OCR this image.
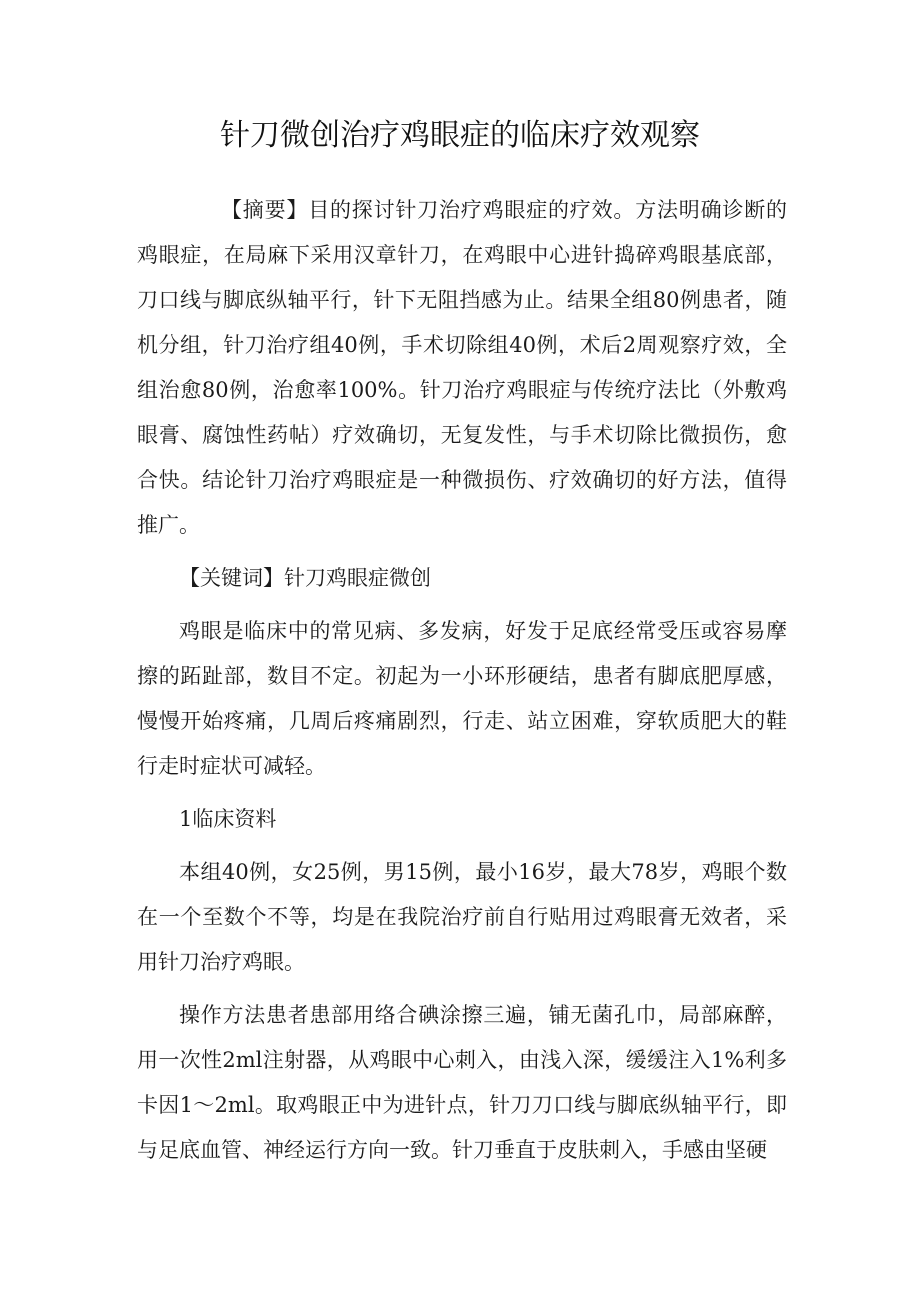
针刀微创治疗鸡眼症的临床疗效观察

【摘要】目的探讨针刀治疗鸡眼症的疗效。方法明确诊断的鸡眼症，在局麻下采用汉章针刀，在鸡眼中心进针捣碎鸡眼基底部，刀口线与脚底纵轴平行，针下无阻挡感为止。结果全组80例患者，随机分组，针刀治疗组40例，手术切除组40例，术后2周观察疗效，全组治愈80例，治愈率100%。针刀治疗鸡眼症与传统疗法比（外敷鸡眼膏、腐蚀性药帖）疗效确切，无复发性，与手术切除比微损伤，愈合快。结论针刀治疗鸡眼症是一种微损伤、疗效确切的好方法，值得推广。

【关键词】针刀鸡眼症微创

鸡眼是临床中的常见病、多发病，好发于足底经常受压或容易摩擦的跖趾部，数目不定。初起为一小环形硬结，患者有脚底肥厚感，慢慢开始疼痛，几周后疼痛剧烈，行走、站立困难，穿软质肥大的鞋行走时症状可减轻。

1临床资料

本组40例，女25例，男15例，最小16岁，最大78岁，鸡眼个数在一个至数个不等，均是在我院治疗前自行贴用过鸡眼膏无效者，采用针刀治疗鸡眼。

操作方法患者患部用络合碘涂擦三遍，铺无菌孔巾，局部麻醉，用一次性2ml注射器，从鸡眼中心刺入，由浅入深，缓缓注入1%利多卡因1～2ml。取鸡眼正中为进针点，针刀刀口线与脚底纵轴平行，即与足底血管、神经运行方向一致。针刀垂直于皮肤刺入，手感由坚硬
